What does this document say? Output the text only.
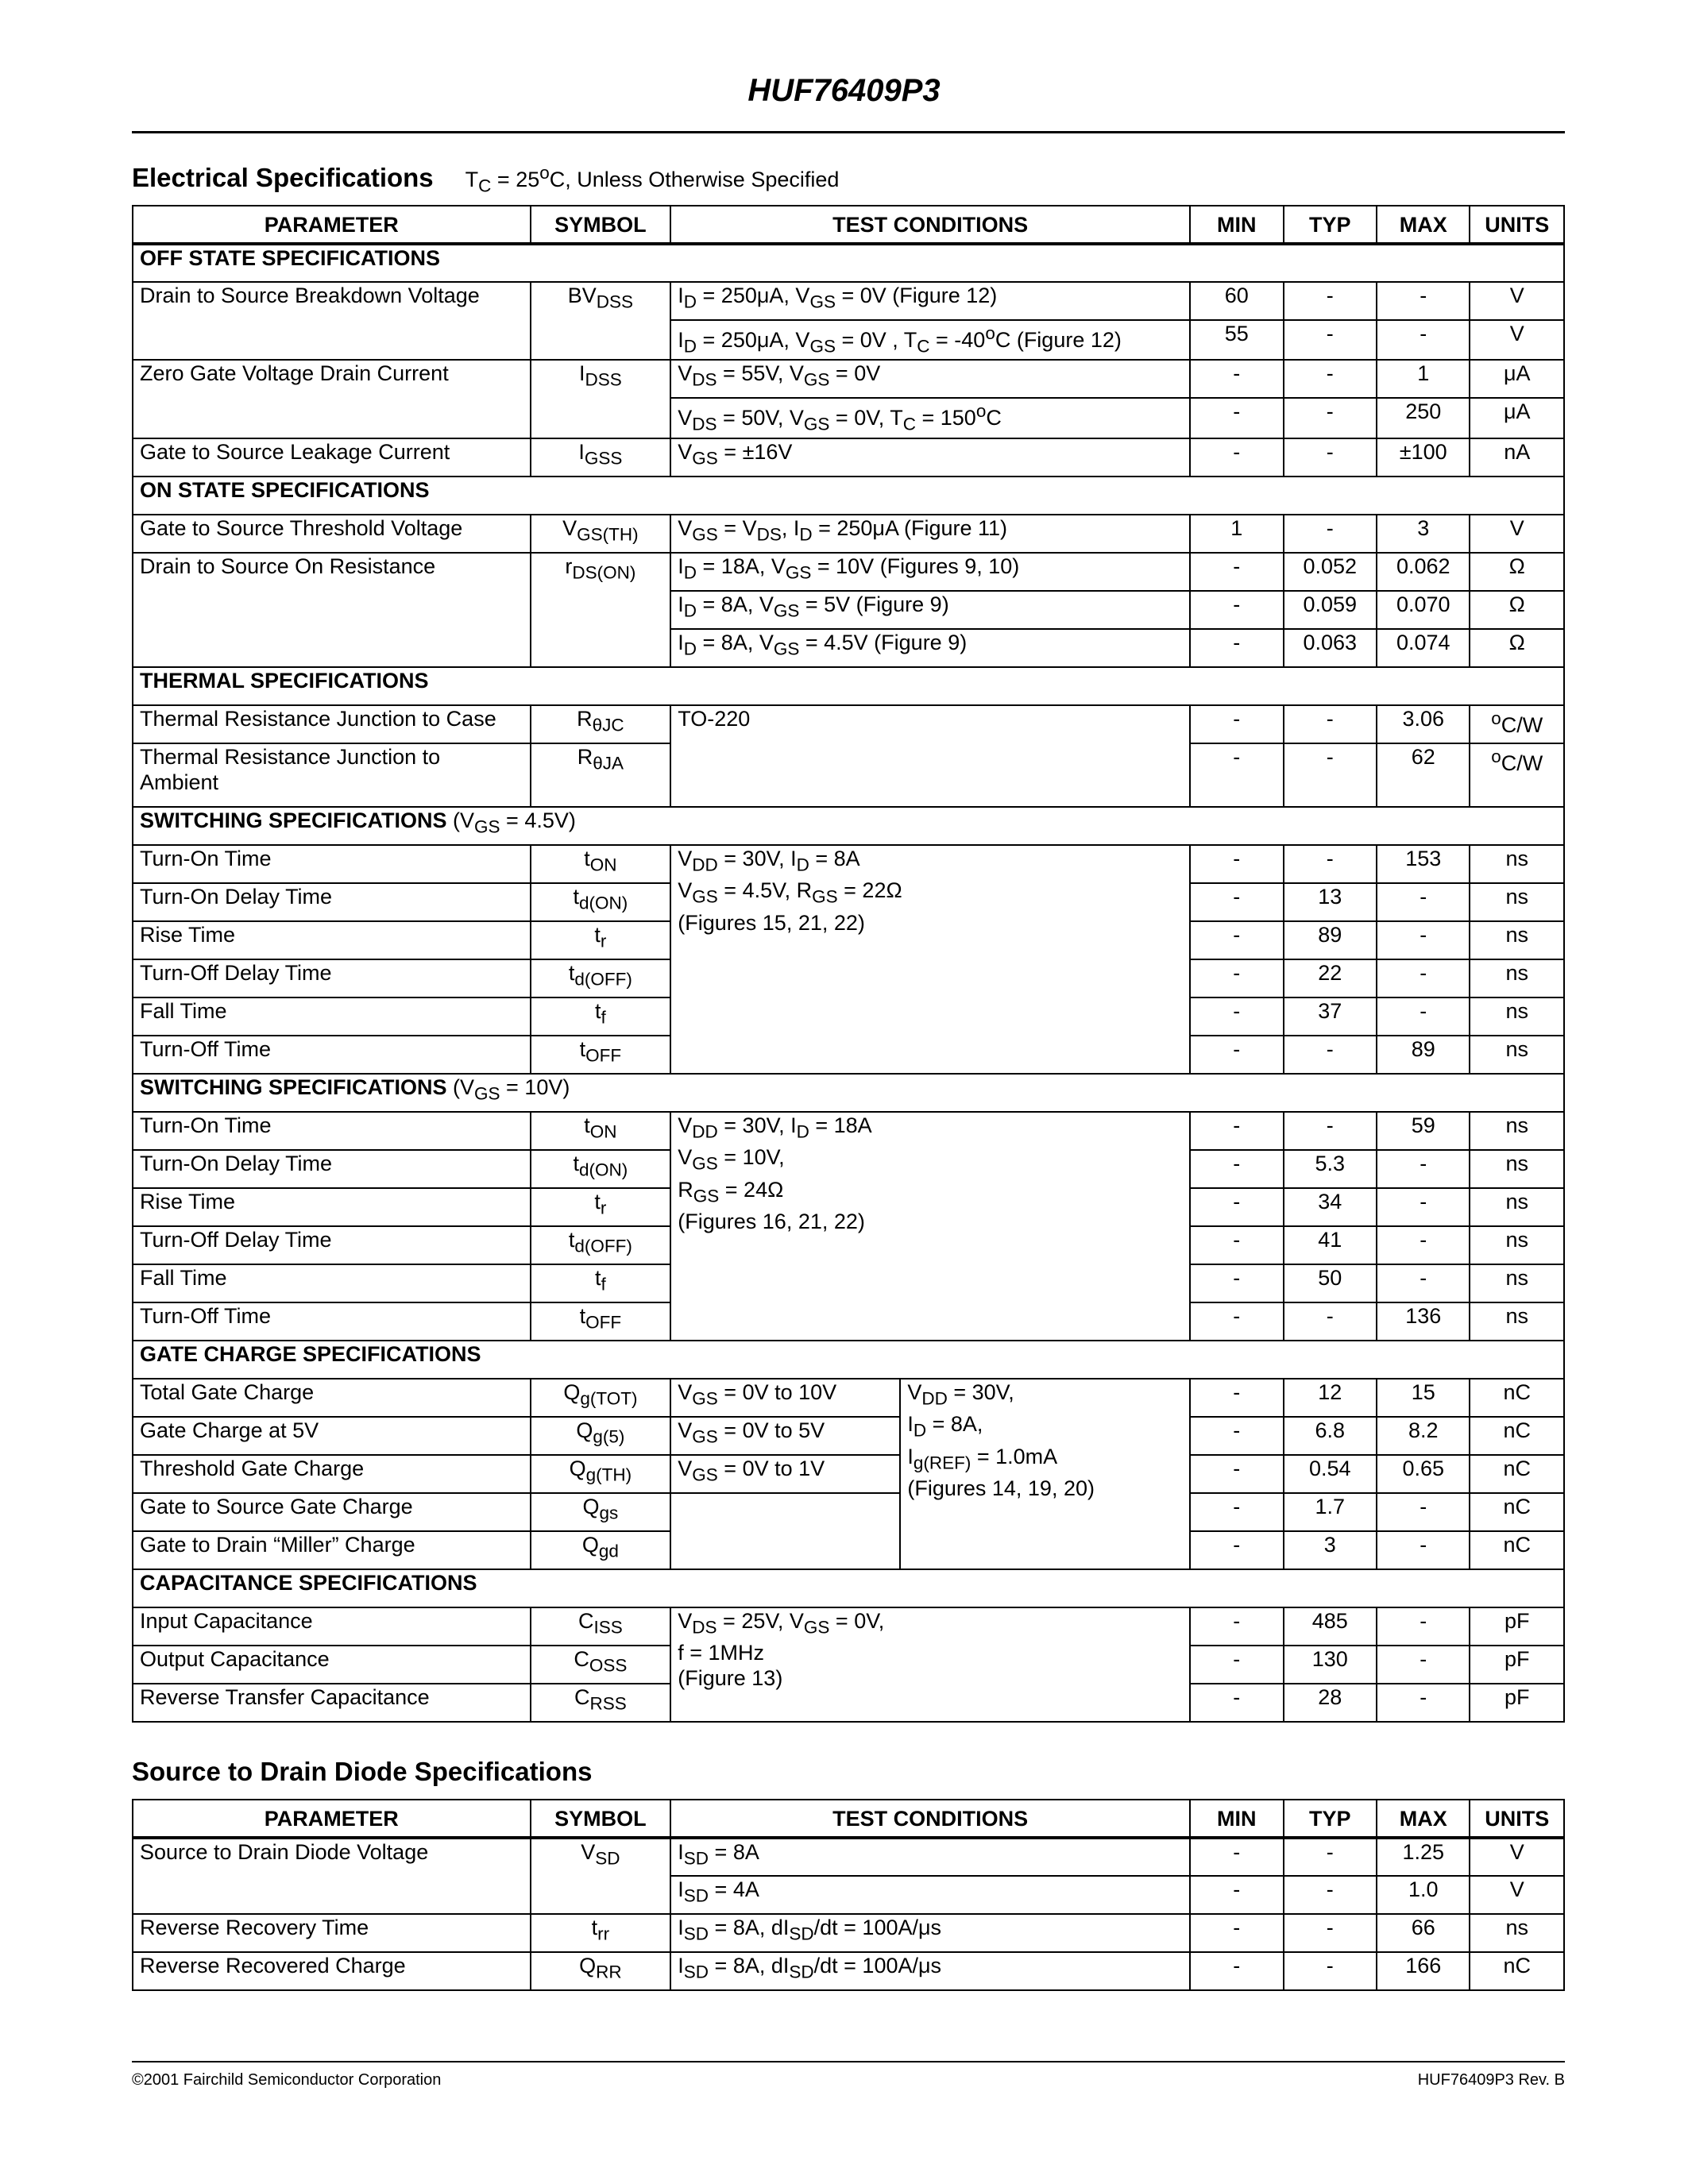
HUF76409P3
Electrical Specifications $T_C = 25^oC$, Unless Otherwise Specified
PARAMETER	SYMBOL	TEST CONDITIONS		MIN	TYP	MAX	UNITS
OFF STATE SPECIFICATIONS							
Drain to Source Breakdown Voltage	$BV_{DSS}$	$I_D = 250\mu A$, $V_{GS} = 0V$ (Figure 12)		60	-	-	V
		$I_D = 250\mu A$, $V_{GS} = 0V$ , $T_C = -40^oC$ (Figure 12)		55	-	-	V
Zero Gate Voltage Drain Current	$I_{DSS}$	$V_{DS} = 55V$, $V_{GS} = 0V$		-	-	1	μA
		$V_{DS} = 50V$, $V_{GS} = 0V$, $T_C = 150^oC$		-	-	250	μA
Gate to Source Leakage Current	$I_{GSS}$	$V_{GS} = \pm 16V$		-	-	±100	nA
ON STATE SPECIFICATIONS							
Gate to Source Threshold Voltage	$V_{GS(TH)}$	$V_{GS} = V_{DS}$, $I_D = 250\mu A$ (Figure 11)		1	-	3	V
Drain to Source On Resistance	$r_{DS(ON)}$	$I_D = 18A$, $V_{GS} = 10V$ (Figures 9, 10)		-	0.052	0.062	Ω
		$I_D = 8A$, $V_{GS} = 5V$ (Figure 9)		-	0.059	0.070	Ω
		$I_D = 8A$, $V_{GS} = 4.5V$ (Figure 9)		-	0.063	0.074	Ω
THERMAL SPECIFICATIONS							
Thermal Resistance Junction to Case	$R_{\theta JC}$	TO-220		-	-	3.06	$^o$C/W
Thermal Resistance Junction to Ambient	$R_{\theta JA}$			-	-	62	$^o$C/W
SWITCHING SPECIFICATIONS $(V_{GS} = 4.5V)$							
Turn-On Time	$t_{ON}$	$V_{DD} = 30V$, $I_D = 8A$
$V_{GS} = 4.5V$, $R_{GS} = 22\Omega$
(Figures 15, 21, 22)		-	-	153	ns
Turn-On Delay Time	$t_{d(ON)}$			-	13	-	ns
Rise Time	$t_r$			-	89	-	ns
Turn-Off Delay Time	$t_{d(OFF)}$			-	22	-	ns
Fall Time	$t_f$			-	37	-	ns
Turn-Off Time	$t_{OFF}$			-	-	89	ns
SWITCHING SPECIFICATIONS $(V_{GS} = 10V)$							
Turn-On Time	$t_{ON}$	$V_{DD} = 30V$, $I_D = 18A$
$V_{GS} = 10V$,
$R_{GS} = 24\Omega$
(Figures 16, 21, 22)		-	-	59	ns
Turn-On Delay Time	$t_{d(ON)}$			-	5.3	-	ns
Rise Time	$t_r$			-	34	-	ns
Turn-Off Delay Time	$t_{d(OFF)}$			-	41	-	ns
Fall Time	$t_f$			-	50	-	ns
Turn-Off Time	$t_{OFF}$			-	-	136	ns
GATE CHARGE SPECIFICATIONS							
Total Gate Charge	$Q_{g(TOT)}$	$V_{GS} = 0V$ to 10V	$V_{DD} = 30V$,
$I_D = 8A$,
$I_{g(REF)} = 1.0mA$
(Figures 14, 19, 20)	-	12	15	nC
Gate Charge at 5V	$Q_{g(5)}$	$V_{GS} = 0V$ to 5V		-	6.8	8.2	nC
Threshold Gate Charge	$Q_{g(TH)}$	$V_{GS} = 0V$ to 1V		-	0.54	0.65	nC
Gate to Source Gate Charge	$Q_{gs}$			-	1.7	-	nC
Gate to Drain “Miller” Charge	$Q_{gd}$			-	3	-	nC
CAPACITANCE SPECIFICATIONS							
Input Capacitance	$C_{ISS}$	$V_{DS} = 25V$, $V_{GS} = 0V$,
f = 1MHz
(Figure 13)		-	485	-	pF
Output Capacitance	$C_{OSS}$			-	130	-	pF
Reverse Transfer Capacitance	$C_{RSS}$			-	28	-	pF
Source to Drain Diode Specifications
PARAMETER	SYMBOL	TEST CONDITIONS	MIN	TYP	MAX	UNITS
Source to Drain Diode Voltage	$V_{SD}$	$I_{SD} = 8A$	-	-	1.25	V
		$I_{SD} = 4A$	-	-	1.0	V
Reverse Recovery Time	$t_{rr}$	$I_{SD} = 8A$, $dI_{SD}/dt = 100A/\mu s$	-	-	66	ns
Reverse Recovered Charge	$Q_{RR}$	$I_{SD} = 8A$, $dI_{SD}/dt = 100A/\mu s$	-	-	166	nC
©2001 Fairchild Semiconductor Corporation	HUF76409P3 Rev. B
